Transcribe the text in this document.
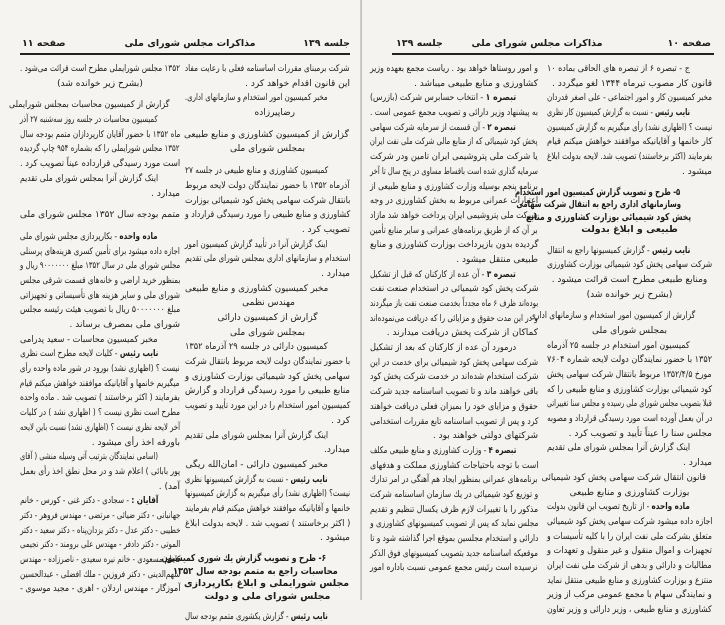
جلسه ۱۳۹
مذاکرات مجلس شورای ملی
صفحه ۱۱
شرکت برمبنای مقررات اساسنامه فعلی با رعایت مفاد
این قانون اقدام خواهد کرد .
مخبر کمیسیون امور استخدام و سازمانهای اداری.
رضاپیرزاده
گزارش از کمیسیون کشاورزی و منابع طبیعی
بمجلس شورای ملی
کمیسیون کشاورزی و منابع طبیعی در جلسه ۲۷
آذرماه ۱۳۵۲ با حضور نمایندگان دولت لایحه مربوط
بانتقال شرکت سهامی پخش کود شیمیائی بوزارت
کشاورزی و منابع طبیعی را مورد رسیدگی قرارداد و
تصویب کرد .
اینک گزارش آنرا در تأیید گزارش کمیسیون امور
استخدام و سازمانهای اداری بمجلس شورای ملی تقدیم
میدارد .
مخبر کمیسیون کشاورزی و منابع طبیعی
مهندس نظمی
گزارش از کمیسیون دارائی
بمجلس شورای ملی
کمیسیون دارائی در جلسه ۲۹ آذرماه ۱۳۵۲
با حضور نمایندگان دولت لایحه مربوط بانتقال شرکت
سهامی پخش کود شیمیائی بوزارت کشاورزی و
منابع طبیعی را مورد رسیدگی قرارداد و گزارش
کمیسیون امور استخدام را در این مورد تأیید و تصویب
کرد .
اینک گزارش آنرا بمجلس شورای ملی تقدیم
میدارد.
مخبر کمیسیون دارائی - امان‌الله ریگی
نایب رئیس - نسبت به گزارش کمیسیونها نظری
نیست؟ (اظهاری نشد) رأی میگیریم به گزارش کمیسیونها
خانمها و آقایانیکه موافقند خواهش میکنم قیام بفرمایند
( اکثر برخاستند ) تصویب شد . لایحه بدولت ابلاغ
میشود .
۶- طرح و تصویب گزارش یك شوری کمیسیون
محاسبات راجع به متمم بودجه سال ۱۳۵۲
مجلس شورایملی و ابلاغ بکارپردازی
مجلس شورای ملی و دولت
نایب رئیس - گزارش یکشوری متمم بودجه سال
۱۳۵۲ مجلس شورایملی مطرح است قرائت می‌شود .
(بشرح زیر خوانده شد)
گزارش از کمیسیون محاسبات بمجلس شورایملی
کمیسیون محاسبات در جلسه روز سه‌شنبه ۲۷ آذر
ماه ۱۳۵۲ با حضور آقایان کارپردازان متمم بودجه سال
۱۳۵۲ مجلس شورایملی را که بشماره ۹۵۴ چاپ گردیده
است مورد رسیدگی قرارداده عیناً تصویب کرد .
اینک گزارش آنرا بمجلس شورای ملی تقدیم
میدارد .
متمم بودجه سال ۱۳۵۲ مجلس شورای ملی
ماده واحده - بکارپردازی مجلس شورای ملی
اجازه داده میشود برای تأمین کسری هزینه‌های پرسنلی
مجلس شورای ملی در سال ۱۳۵۲ مبلغ ۹۰۰۰۰۰۰۰ ریال و
بمنظور خرید اراضی و خانه‌های قسمت شرقی مجلس
شورای ملی و سایر هزینه های تأسیساتی و تجهیزاتی
مبلغ ۵۰۰۰۰۰۰۰ ریال با تصویب هیئت رئیسه مجلس
شورای ملی بمصرف برساند .
مخبر کمیسیون محاسبات - سعید پدرامی
نایب رئیس - کلیات لایحه مطرح است نظری
نیست ؟ (اظهاری نشد) بورود در شور ماده واحده رأی
میگیریم خانمها و آقایانیکه موافقند خواهش میکنم قیام
بفرمایند ( اکثر برخاستند ) تصویب شد . ماده واحده
مطرح است نظری نیست ؟ ( اظهاری نشد ) در کلیات
آخر لایحه نظری نیست ؟ (اظهاری نشد) نسبت باین لایحه
باورقه اخذ رأی میشود .
(اسامی نمایندگان بترتیب آتی وسیله منشی ( آقای
پور بابائی ) اعلام شد و در محل نطق اخذ رأی بعمل
آمد) .
آقایان : - سجادی - دکتر غنی - کورس - خانم
جهانبانی - دکتر ضیائی - مرتضی - مهندس فروهر - دکتر
خطیبی - دکتر عدل - دکتر یزدان‌پناه - دکتر سعید - دکتر
الموتی - دکتر دادفر - مهندس علی برومند - دکتر نجیمی
کاظم مسعودی - خانم نیره سعیدی - ناصرزاده - مهندس
سهم‌الدینی - دکتر فروزین - ملك افضلی - عبدالحسین
آموزگار - مهندس اردلان - اهری - مجید موسوی -
صفحه ۱۰
مذاکرات مجلس شورای ملی
جلسه ۱۳۹
ج - تبصره ۶ از تبصره های الحاقی بماده ۱۰
قانون کار مصوب تیرماه ۱۳۴۴ لغو میگردد .
مخبر کمیسیون کار و امور اجتماعی - علی اصغر قدردان
نایب رئیس - نسبت به گزارش کمیسیون کار نظری
نیست ؟ (اظهاری نشد) رأی میگیریم به گزارش کمیسیون
کار خانمها و آقایانیکه موافقند خواهش میکنم قیام
بفرمایند (اکثر برخاستند) تصویب شد. لایحه بدولت ابلاغ
میشود .
۵- طرح و تصویب گزارش کمیسیون امور استخدام
وسازمانهای اداری راجع به انتقال شرکت سهامی
پخش کود شیمیائی بوزارت کشاورزی و منابع
طبیعی و ابلاغ بدولت
نایب رئیس - گزارش کمیسیونها راجع به انتقال
شرکت سهامی پخش کود شیمیائی بوزارت کشاورزی
ومنابع طبیعی مطرح است قرائت میشود .
(بشرح زیر خوانده شد)
گزارش از کمیسیون امور استخدام و سازمانهای اداری
بمجلس شورای ملی
کمیسیون امور استخدام در جلسه ۲۵ آذرماه
۱۳۵۲ با حضور نمایندگان دولت لایحه شماره ۷۶۰۴
مورخ ۱۳۵۲/۴/۵ مربوط بانتقال شرکت سهامی پخش
کود شیمیائی بوزارت کشاورزی و منابع طبیعی را که
قبلا بتصویب مجلس شورای ملی رسیده و مجلس سنا تغییراتی
در آن بعمل آورده است مورد رسیدگی قرارداد و مصوبه
مجلس سنا را عیناً تأیید و تصویب کرد .
اینک گزارش آنرا بمجلس شورای ملی تقدیم
میدارد .
قانون انتقال شرکت سهامی پخش کود شیمیائی
بوزارت کشاورزی و منابع طبیعی
ماده واحده - از تاریخ تصویب این قانون بدولت
اجازه داده میشود شرکت سهامی پخش کود شیمیائی
متعلق بشرکت ملی نفت ایران را با کلیه تأسیسات و
تجهیزات و اموال منقول و غیر منقول و تعهدات و
مطالبات و دارائی و بدهی از شرکت ملی نفت ایران
منتزع و بوزارت کشاورزی و منابع طبیعی منتقل نماید
و نمایندگی سهام با مجمع عمومی مرکب از وزیر
کشاورزی و منابع طبیعی ، وزیر دارائی و وزیر تعاون
و امور روستاها خواهد بود . ریاست مجمع بعهده وزیر
کشاورزی و منابع طبیعی میباشد .
تبصره ۱ - انتخاب حسابرس شرکت (بازرس)
به پیشنهاد وزیر دارائی و تصویب مجمع عمومی است .
تبصره ۲ - آن قسمت از سرمایه شرکت سهامی
پخش کود شیمیائی که از منابع مالی شرکت ملی نفت ایران
یا شرکت ملی پتروشیمی ایران تامین ودر شرکت
سرمایه گذاری شده است باقساط مساوی در پنج سال تا آخر
برنامه پنجم بوسیله وزارت کشاورزی و منابع طبیعی از
اعتبارات عمرانی مربوط به بخش کشاورزی در وجه
شرکت ملی پتروشیمی ایران پرداخت خواهد شد مازاد
بر آن که از طریق برنامه‌های عمرانی و سایر منابع تأمین
گردیده بدون بازپرداخت بوزارت کشاورزی و منابع
طبیعی منتقل میشود .
تبصره ۳ - آن عده از کارکنان که قبل از تشکیل
شرکت پخش کود شیمیائی در استخدام صنعت نفت
بوده‌اند ظرف ۶ ماه مجدداً بخدمت صنعت نفت باز میگردند
و در این مدت حقوق و مزایائی را که دریافت می‌نموده‌اند
کماکان از شرکت پخش دریافت میدارند .
درمورد آن عده از کارکنان که بعد از تشکیل
شرکت سهامی پخش کود شیمیائی برای خدمت در این
شرکت استخدام شده‌اند در خدمت شرکت پخش کود
باقی خواهند ماند و تا تصویب اساسنامه جدید شرکت
حقوق و مزایای خود را بمیزان فعلی دریافت خواهند
کرد و پس از تصویب اساسنامه تابع مقررات استخدامی
شرکتهای دولتی خواهند بود .
تبصره ۴ - وزارت کشاورزی و منابع طبیعی مکلف
است با توجه باحتیاجات کشاورزی مملکت و هدفهای
برنامه‌های عمرانی بمنظور ایجاد هم آهنگی در امر تدارك
و توزیع کود شیمیائی در یك سازمان اساسنامه شرکت
مذکور را با تغییرات لازم ظرف یکسال تنظیم و تقدیم
مجلس نماید که پس از تصویب کمیسیونهای کشاورزی و
دارائی و استخدام مجلسین بموقع اجرا گذاشته شود و تا
موقعیکه اساسنامه جدید بتصویب کمیسیونهای فوق الذکر
نرسیده است رئیس مجمع عمومی نسبت باداره امور
